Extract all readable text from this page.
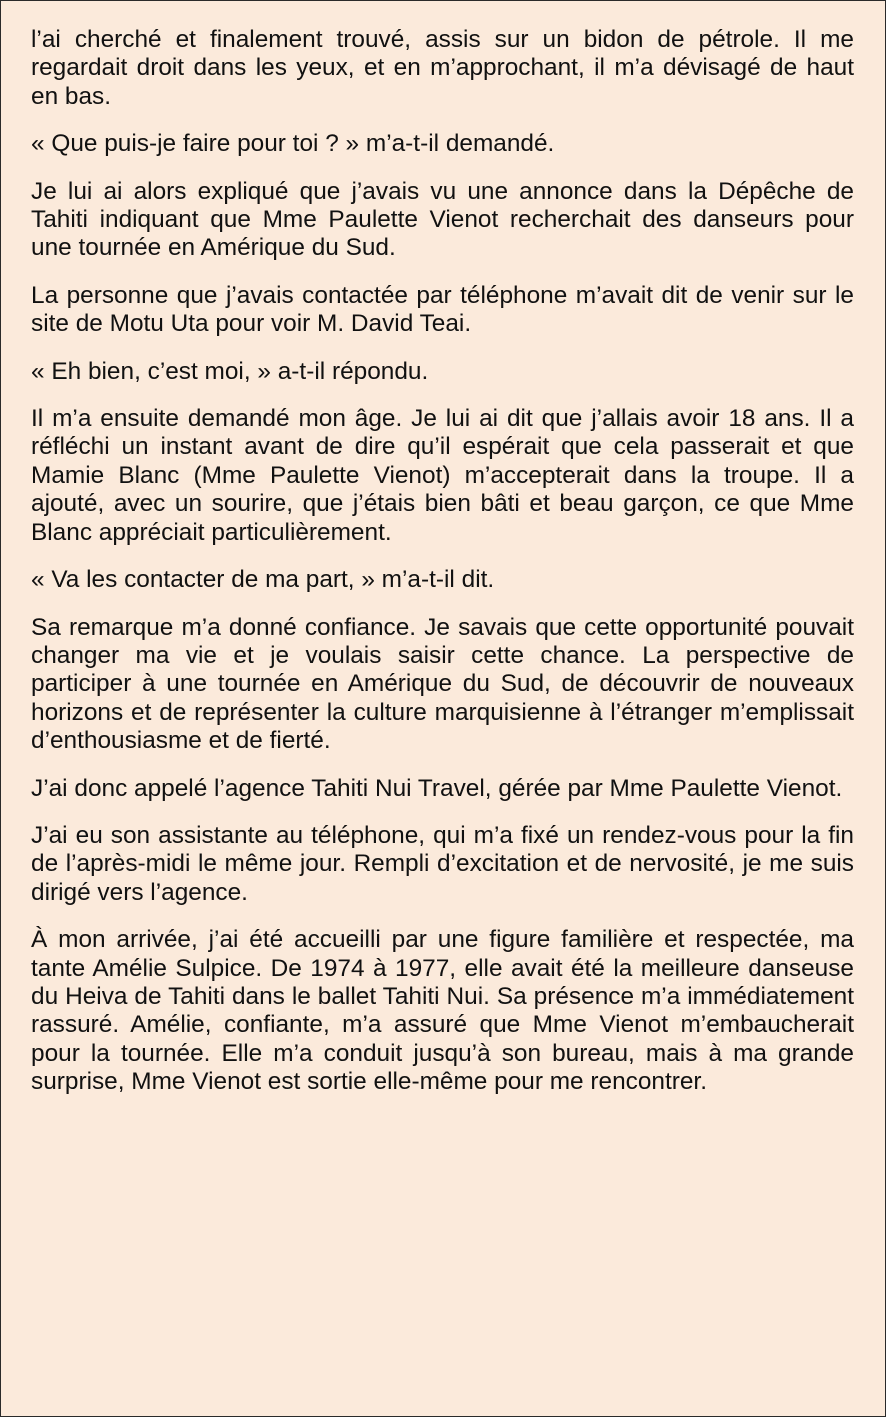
l’ai cherché et finalement trouvé, assis sur un bidon de pétrole. Il me regardait droit dans les yeux, et en m’approchant, il m’a dévisagé de haut en bas.

« Que puis-je faire pour toi ? » m’a-t-il demandé.

Je lui ai alors expliqué que j’avais vu une annonce dans la Dépêche de Tahiti indiquant que Mme Paulette Vienot recherchait des danseurs pour une tournée en Amérique du Sud.

La personne que j’avais contactée par téléphone m’avait dit de venir sur le site de Motu Uta pour voir M. David Teai.

« Eh bien, c’est moi, » a-t-il répondu.

Il m’a ensuite demandé mon âge. Je lui ai dit que j’allais avoir 18 ans. Il a réfléchi un instant avant de dire qu’il espérait que cela passerait et que Mamie Blanc (Mme Paulette Vienot) m’accepterait dans la troupe. Il a ajouté, avec un sourire, que j’étais bien bâti et beau garçon, ce que Mme Blanc appréciait particulièrement.

« Va les contacter de ma part, » m’a-t-il dit.

Sa remarque m’a donné confiance. Je savais que cette opportunité pouvait changer ma vie et je voulais saisir cette chance. La perspective de participer à une tournée en Amérique du Sud, de découvrir de nouveaux horizons et de représenter la culture marquisienne à l’étranger m’emplissait d’enthousiasme et de fierté.

J’ai donc appelé l’agence Tahiti Nui Travel, gérée par Mme Paulette Vienot.

J’ai eu son assistante au téléphone, qui m’a fixé un rendez-vous pour la fin de l’après-midi le même jour. Rempli d’excitation et de nervosité, je me suis dirigé vers l’agence.

À mon arrivée, j’ai été accueilli par une figure familière et respectée, ma tante Amélie Sulpice. De 1974 à 1977, elle avait été la meilleure danseuse du Heiva de Tahiti dans le ballet Tahiti Nui. Sa présence m’a immédiatement rassuré. Amélie, confiante, m’a assuré que Mme Vienot m’embaucherait pour la tournée. Elle m’a conduit jusqu’à son bureau, mais à ma grande surprise, Mme Vienot est sortie elle-même pour me rencontrer.
